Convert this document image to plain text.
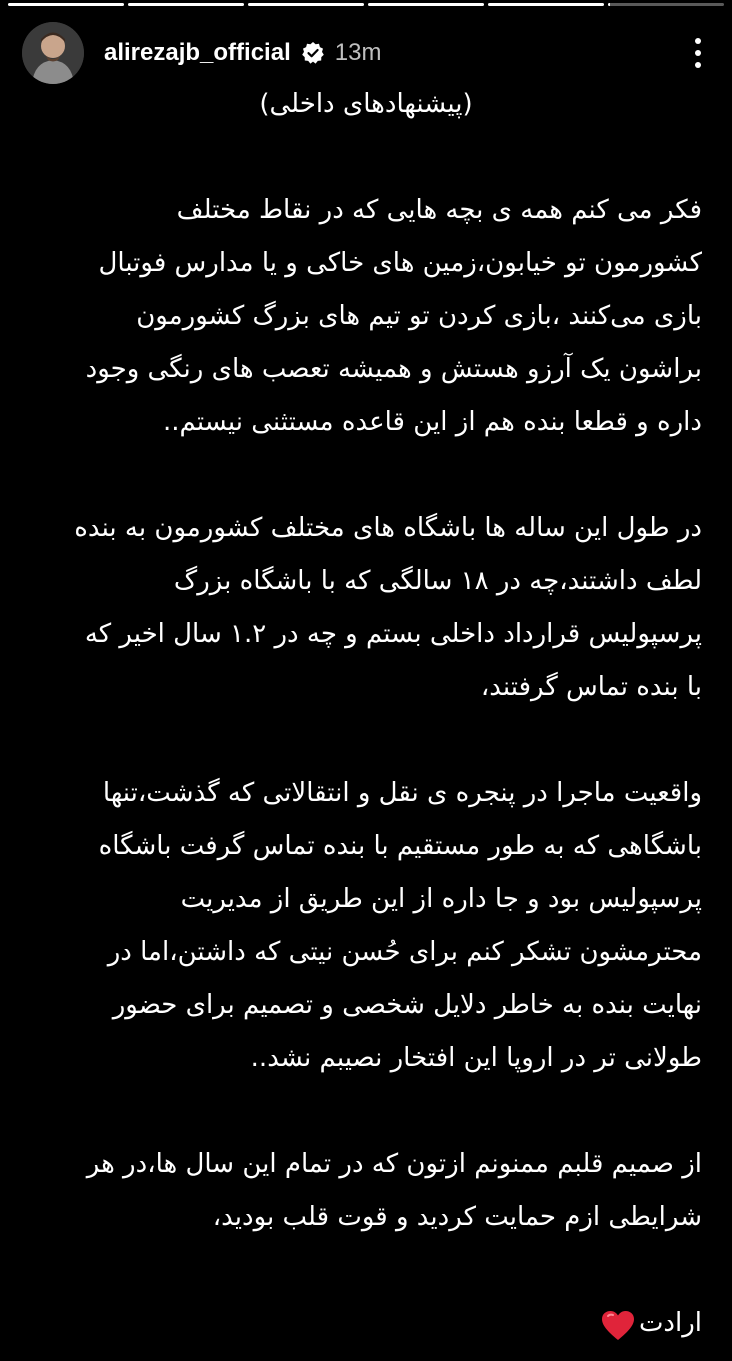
alirezajb_official 13m
(پیشنهادهای داخلی)

فکر می کنم همه ی بچه هایی که در نقاط مختلف
کشورمون تو خیابون،زمین های خاکی و یا مدارس فوتبال
بازی می‌کنند ،بازی کردن تو تیم های بزرگ کشورمون
براشون یک آرزو هستش و همیشه تعصب های رنگی وجود
داره و قطعا بنده هم از این قاعده مستثنی نیستم..

در طول این ساله ها باشگاه های مختلف کشورمون به بنده
لطف داشتند،چه در ۱۸ سالگی که با باشگاه بزرگ
پرسپولیس قرارداد داخلی بستم و چه در ۱.۲ سال اخیر که
با بنده تماس گرفتند،

واقعیت ماجرا در پنجره ی نقل و انتقالاتی که گذشت،تنها
باشگاهی که به طور مستقیم با بنده تماس گرفت باشگاه
پرسپولیس بود و جا داره از این طریق از مدیریت
محترمشون تشکر کنم برای حُسن نیتی که داشتن،اما در
نهایت بنده به خاطر دلایل شخصی و تصمیم برای حضور
طولانی تر در اروپا این افتخار نصیبم نشد..

از صمیم قلبم ممنونم ازتون که در تمام این سال ها،در هر
شرایطی ازم حمایت کردید و قوت قلب بودید،

ارادت
